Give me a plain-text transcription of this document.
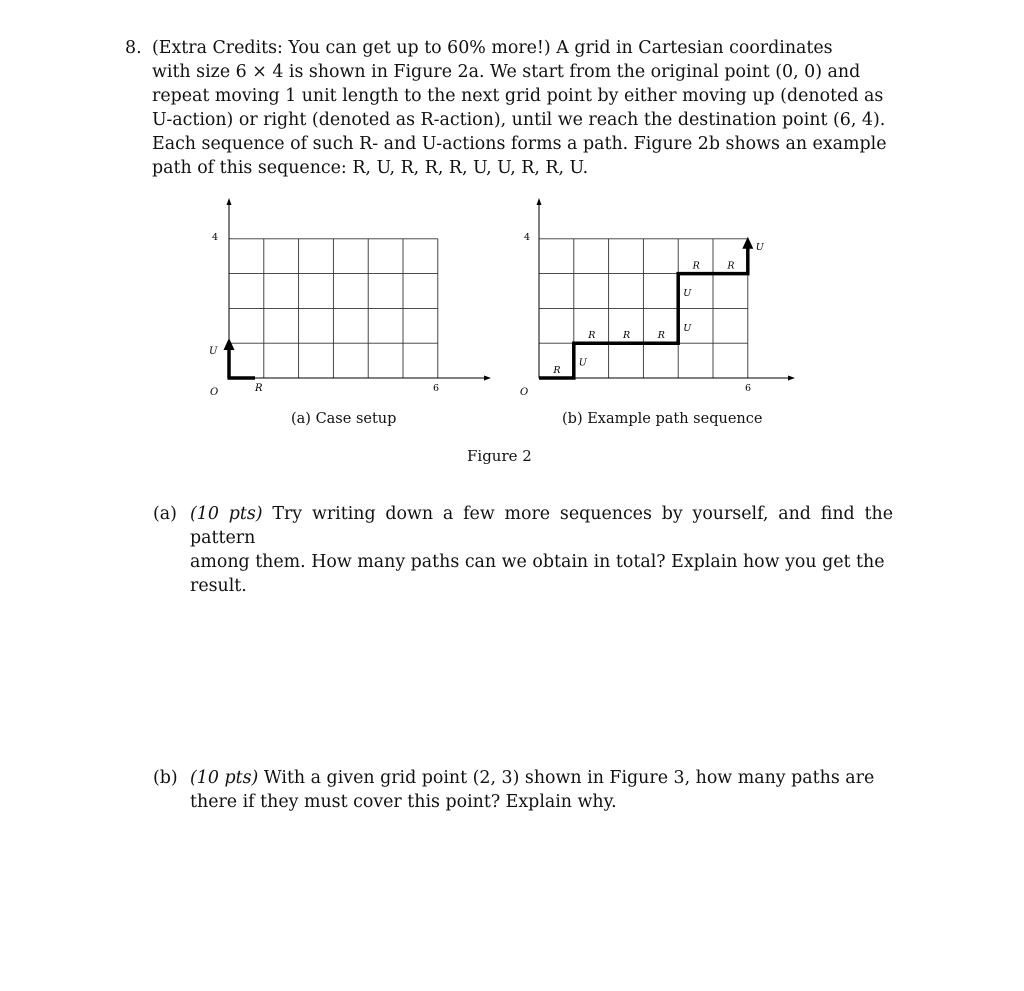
8. (Extra Credits: You can get up to 60% more!) A grid in Cartesian coordinates
with size 6 × 4 is shown in Figure 2a. We start from the original point (0, 0) and
repeat moving 1 unit length to the next grid point by either moving up (denoted as
U-action) or right (denoted as R-action), until we reach the destination point (6, 4).
Each sequence of such R- and U-actions forms a path. Figure 2b shows an example
path of this sequence: R, U, R, R, R, U, U, R, R, U.
4
O	6
U
R
R
U
R	R	R
U
U
R	R
U
4
O	6
(a) Case setup	(b) Example path sequence
Figure 2
(a) (10 pts) Try writing down a few more sequences by yourself, and find the pattern
among them. How many paths can we obtain in total? Explain how you get the
result.
(b) (10 pts) With a given grid point (2, 3) shown in Figure 3, how many paths are
there if they must cover this point? Explain why.
